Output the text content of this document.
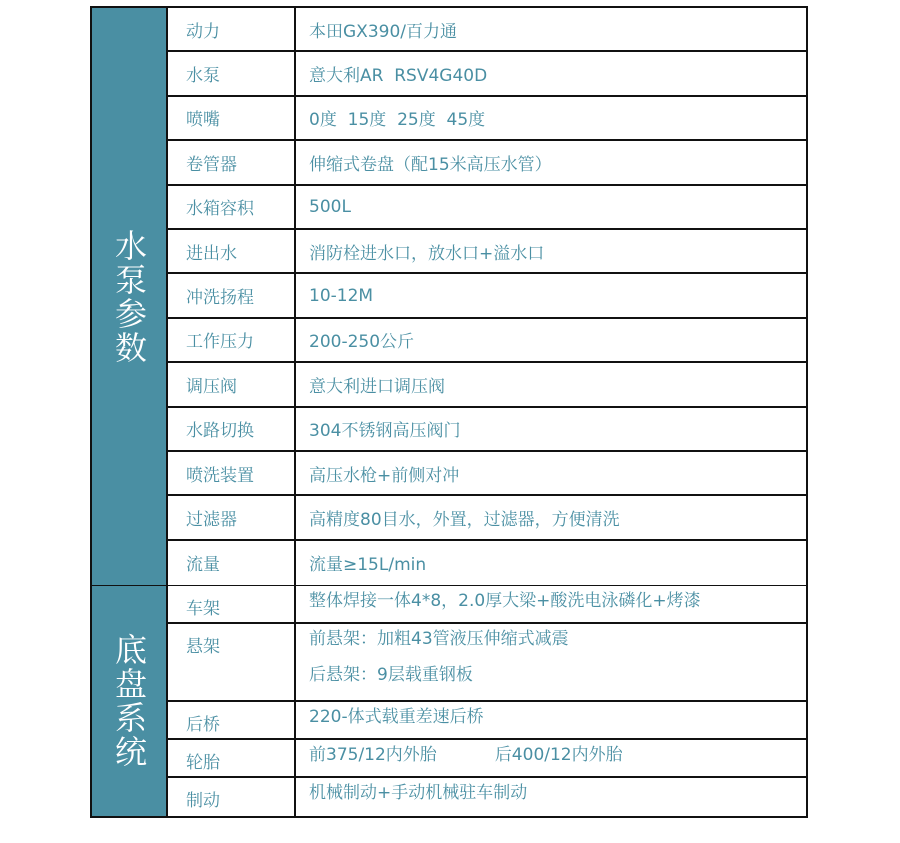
水泵参数
动力	本田GX390/百力通
水泵	意大利AR  RSV4G40D
喷嘴	0度  15度  25度  45度
卷管器	伸缩式卷盘（配15米高压水管）
水箱容积	500L
进出水	消防栓进水口，放水口+溢水口
冲洗扬程	10-12M
工作压力	200-250公斤
调压阀	意大利进口调压阀
水路切换	304不锈钢高压阀门
喷洗装置	高压水枪+前侧对冲
过滤器	高精度80目水，外置，过滤器，方便清洗
流量	流量≥15L/min
底盘系统
车架	整体焊接一体4*8，2.0厚大梁+酸洗电泳磷化+烤漆
悬架	前悬架：加粗43管液压伸缩式减震
后悬架：9层载重钢板
后桥	220-体式载重差速后桥
轮胎	前375/12内外胎	后400/12内外胎
制动	机械制动+手动机械驻车制动
